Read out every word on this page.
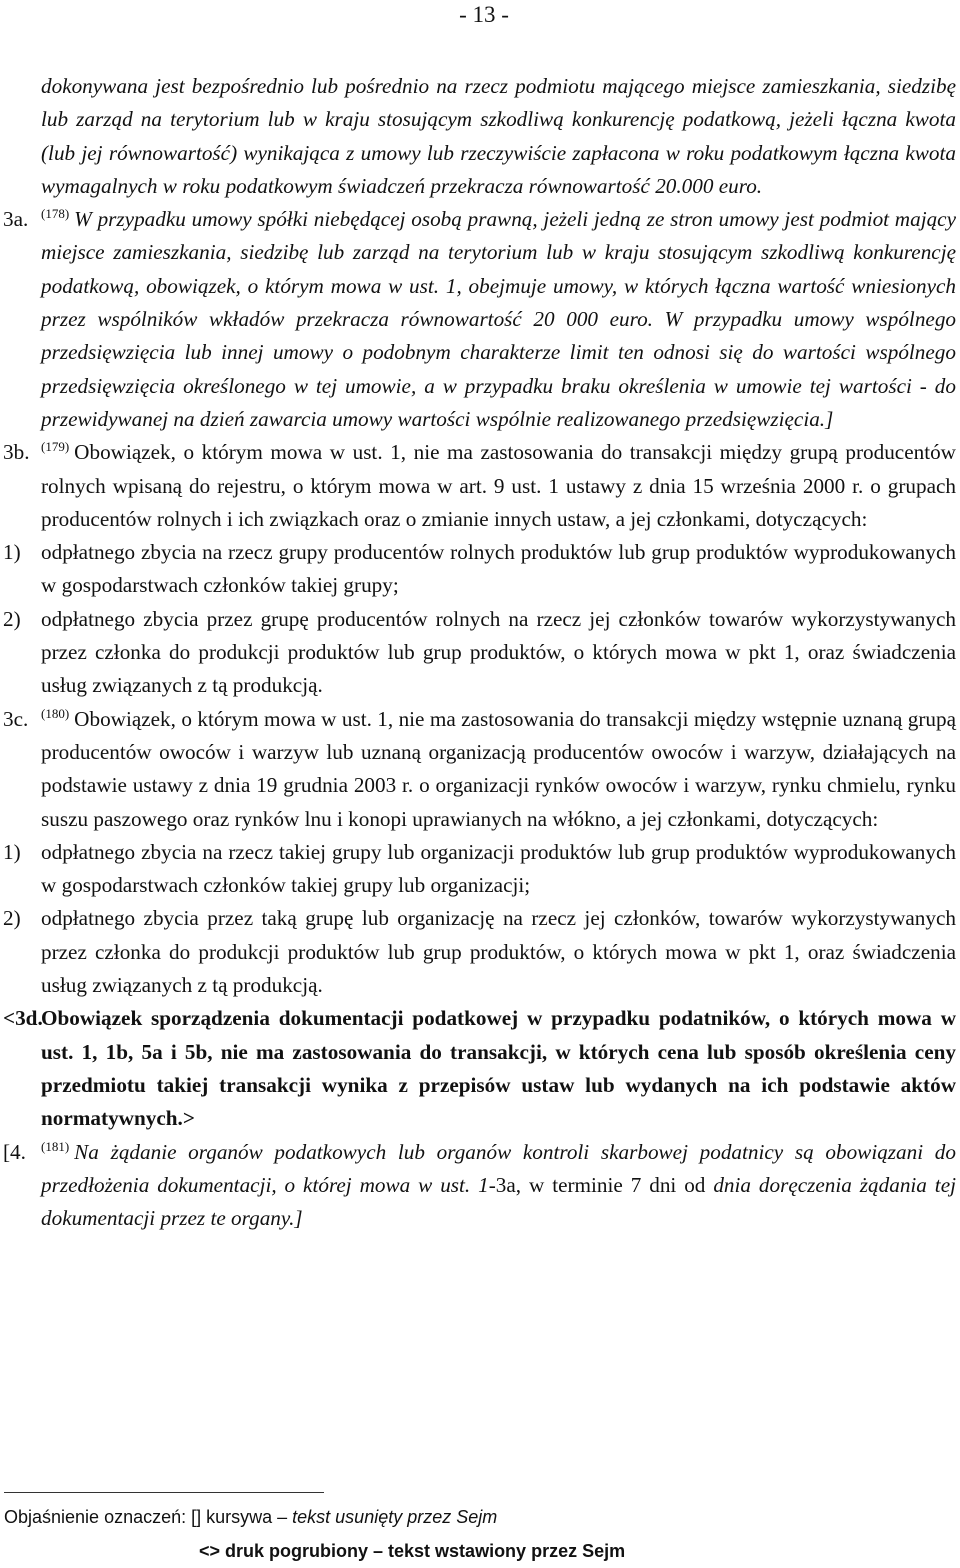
- 13 -
dokonywana jest bezpośrednio lub pośrednio na rzecz podmiotu mającego miejsce zamieszkania, siedzibę lub zarząd na terytorium lub w kraju stosującym szkodliwą konkurencję podatkową, jeżeli łączna kwota (lub jej równowartość) wynikająca z umowy lub rzeczywiście zapłacona w roku podatkowym łączna kwota wymagalnych w roku podatkowym świadczeń przekracza równowartość 20.000 euro.
3a. $^{(178)}$ W przypadku umowy spółki niebędącej osobą prawną, jeżeli jedną ze stron umowy jest podmiot mający miejsce zamieszkania, siedzibę lub zarząd na terytorium lub w kraju stosującym szkodliwą konkurencję podatkową, obowiązek, o którym mowa w ust. 1, obejmuje umowy, w których łączna wartość wniesionych przez wspólników wkładów przekracza równowartość 20 000 euro. W przypadku umowy wspólnego przedsięwzięcia lub innej umowy o podobnym charakterze limit ten odnosi się do wartości wspólnego przedsięwzięcia określonego w tej umowie, a w przypadku braku określenia w umowie tej wartości - do przewidywanej na dzień zawarcia umowy wartości wspólnie realizowanego przedsięwzięcia.]
3b. $^{(179)}$ Obowiązek, o którym mowa w ust. 1, nie ma zastosowania do transakcji między grupą producentów rolnych wpisaną do rejestru, o którym mowa w art. 9 ust. 1 ustawy z dnia 15 września 2000 r. o grupach producentów rolnych i ich związkach oraz o zmianie innych ustaw, a jej członkami, dotyczących:
1) odpłatnego zbycia na rzecz grupy producentów rolnych produktów lub grup produktów wyprodukowanych w gospodarstwach członków takiej grupy;
2) odpłatnego zbycia przez grupę producentów rolnych na rzecz jej członków towarów wykorzystywanych przez członka do produkcji produktów lub grup produktów, o których mowa w pkt 1, oraz świadczenia usług związanych z tą produkcją.
3c. $^{(180)}$ Obowiązek, o którym mowa w ust. 1, nie ma zastosowania do transakcji między wstępnie uznaną grupą producentów owoców i warzyw lub uznaną organizacją producentów owoców i warzyw, działających na podstawie ustawy z dnia 19 grudnia 2003 r. o organizacji rynków owoców i warzyw, rynku chmielu, rynku suszu paszowego oraz rynków lnu i konopi uprawianych na włókno, a jej członkami, dotyczących:
1) odpłatnego zbycia na rzecz takiej grupy lub organizacji produktów lub grup produktów wyprodukowanych w gospodarstwach członków takiej grupy lub organizacji;
2) odpłatnego zbycia przez taką grupę lub organizację na rzecz jej członków, towarów wykorzystywanych przez członka do produkcji produktów lub grup produktów, o których mowa w pkt 1, oraz świadczenia usług związanych z tą produkcją.
<3d.
Obowiązek sporządzenia dokumentacji podatkowej w przypadku podatników, o których mowa w ust. 1, 1b, 5a i 5b, nie ma zastosowania do transakcji, w których cena lub sposób określenia ceny przedmiotu takiej transakcji wynika z przepisów ustaw lub wydanych na ich podstawie aktów normatywnych.>
[4. $^{(181)}$ Na żądanie organów podatkowych lub organów kontroli skarbowej podatnicy są obowiązani do przedłożenia dokumentacji, o której mowa w ust. 1-3a, w terminie 7 dni od dnia doręczenia żądania tej dokumentacji przez te organy.]
Objaśnienie oznaczeń: [] kursywa – tekst usunięty przez Sejm
<> druk pogrubiony – tekst wstawiony przez Sejm
